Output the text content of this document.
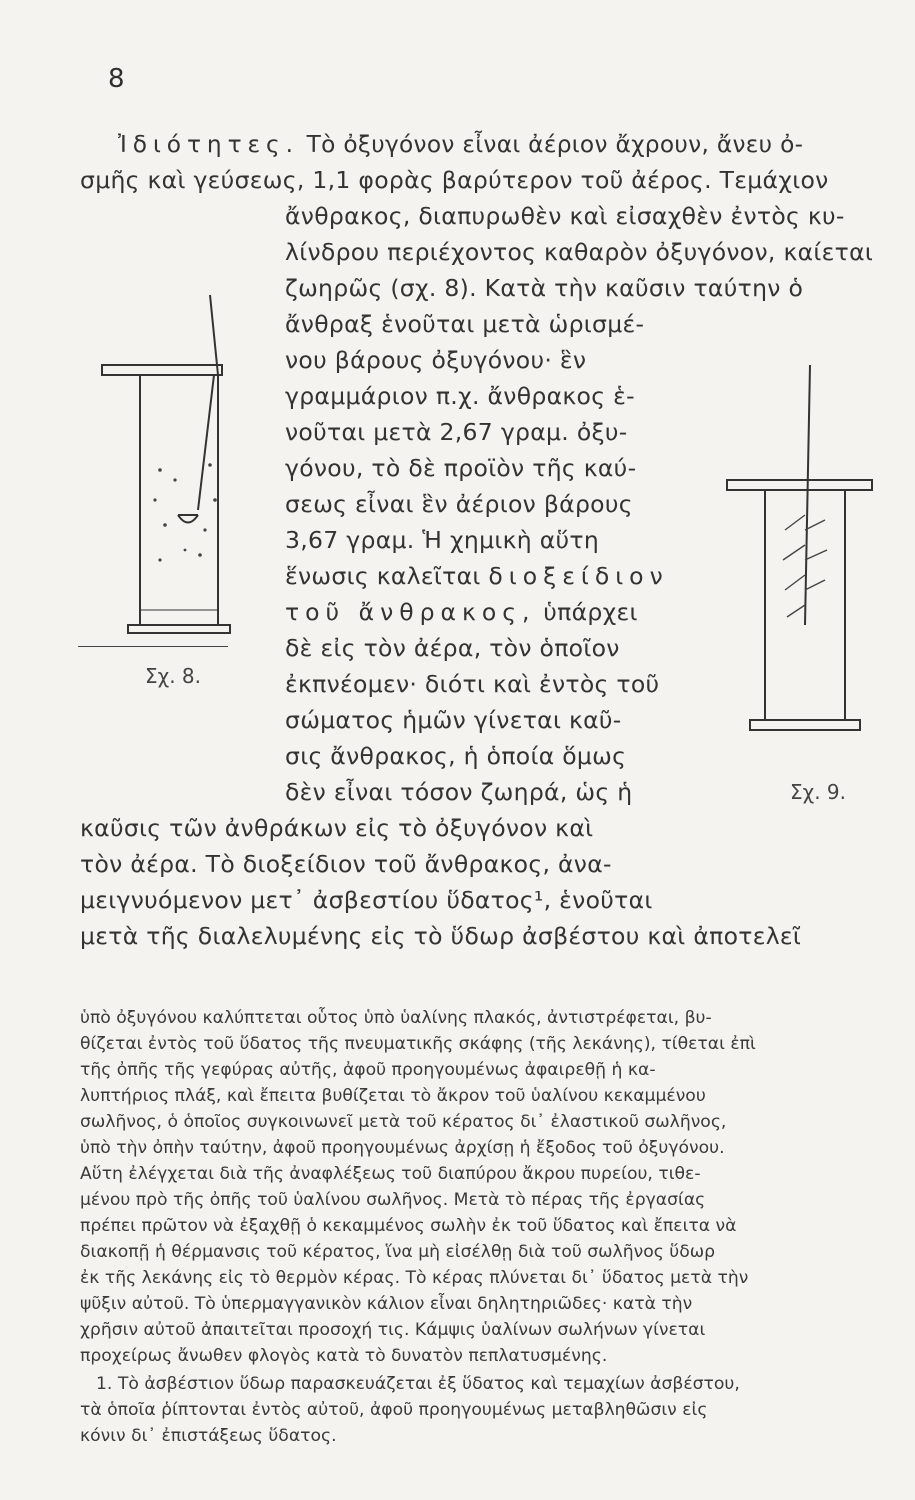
8
Ἰδιότητες. Τὸ ὀξυγόνον εἶναι ἀέριον ἄχρουν, ἄνευ ὀ-
σμῆς καὶ γεύσεως, 1,1 φορὰς βαρύτερον τοῦ ἀέρος. Τεμάχιον
ἄνθρακος, διαπυρωθὲν καὶ εἰσαχθὲν ἐντὸς κυ-
λίνδρου περιέχοντος καθαρὸν ὀξυγόνον, καίεται
ζωηρῶς (σχ. 8). Κατὰ τὴν καῦσιν ταύτην ὁ
ἄνθραξ ἑνοῦται μετὰ ὡρισμέ-
νου βάρους ὀξυγόνου· ἓν
γραμμάριον π.χ. ἄνθρακος ἑ-
νοῦται μετὰ 2,67 γραμ. ὀξυ-
γόνου, τὸ δὲ προϊὸν τῆς καύ-
σεως εἶναι ἓν ἀέριον βάρους
3,67 γραμ. Ἡ χημικὴ αὕτη
ἕνωσις καλεῖται διοξείδιον
τοῦ ἄνθρακος, ὑπάρχει
δὲ εἰς τὸν ἀέρα, τὸν ὁποῖον
ἐκπνέομεν· διότι καὶ ἐντὸς τοῦ
σώματος ἡμῶν γίνεται καῦ-
σις ἄνθρακος, ἡ ὁποία ὅμως
δὲν εἶναι τόσον ζωηρά, ὡς ἡ
καῦσις τῶν ἀνθράκων εἰς τὸ ὀξυγόνον καὶ
τὸν ἀέρα. Τὸ διοξείδιον τοῦ ἄνθρακος, ἀνα-
μειγνυόμενον μετ᾽ ἀσβεστίου ὕδατος¹, ἑνοῦται
μετὰ τῆς διαλελυμένης εἰς τὸ ὕδωρ ἀσβέστου καὶ ἀποτελεῖ
Σχ. 8.
Σχ. 9.
ὑπὸ ὀξυγόνου καλύπτεται οὗτος ὑπὸ ὑαλίνης πλακός, ἀντιστρέφεται, βυ-
θίζεται ἐντὸς τοῦ ὕδατος τῆς πνευματικῆς σκάφης (τῆς λεκάνης), τίθεται ἐπὶ
τῆς ὀπῆς τῆς γεφύρας αὐτῆς, ἀφοῦ προηγουμένως ἀφαιρεθῇ ἡ κα-
λυπτήριος πλάξ, καὶ ἔπειτα βυθίζεται τὸ ἄκρον τοῦ ὑαλίνου κεκαμμένου
σωλῆνος, ὁ ὁποῖος συγκοινωνεῖ μετὰ τοῦ κέρατος δι᾽ ἐλαστικοῦ σωλῆνος,
ὑπὸ τὴν ὀπὴν ταύτην, ἀφοῦ προηγουμένως ἀρχίσῃ ἡ ἔξοδος τοῦ ὀξυγόνου.
Αὕτη ἐλέγχεται διὰ τῆς ἀναφλέξεως τοῦ διαπύρου ἄκρου πυρείου, τιθε-
μένου πρὸ τῆς ὀπῆς τοῦ ὑαλίνου σωλῆνος. Μετὰ τὸ πέρας τῆς ἐργασίας
πρέπει πρῶτον νὰ ἐξαχθῇ ὁ κεκαμμένος σωλὴν ἐκ τοῦ ὕδατος καὶ ἔπειτα νὰ
διακοπῇ ἡ θέρμανσις τοῦ κέρατος, ἵνα μὴ εἰσέλθῃ διὰ τοῦ σωλῆνος ὕδωρ
ἐκ τῆς λεκάνης εἰς τὸ θερμὸν κέρας. Τὸ κέρας πλύνεται δι᾽ ὕδατος μετὰ τὴν
ψῦξιν αὐτοῦ. Τὸ ὑπερμαγγανικὸν κάλιον εἶναι δηλητηριῶδες· κατὰ τὴν
χρῆσιν αὐτοῦ ἀπαιτεῖται προσοχή τις. Κάμψις ὑαλίνων σωλήνων γίνεται
προχείρως ἄνωθεν φλογὸς κατὰ τὸ δυνατὸν πεπλατυσμένης.
1. Τὸ ἀσβέστιον ὕδωρ παρασκευάζεται ἐξ ὕδατος καὶ τεμαχίων ἀσβέστου,
τὰ ὁποῖα ῥίπτονται ἐντὸς αὐτοῦ, ἀφοῦ προηγουμένως μεταβληθῶσιν εἰς
κόνιν δι᾽ ἐπιστάξεως ὕδατος.
